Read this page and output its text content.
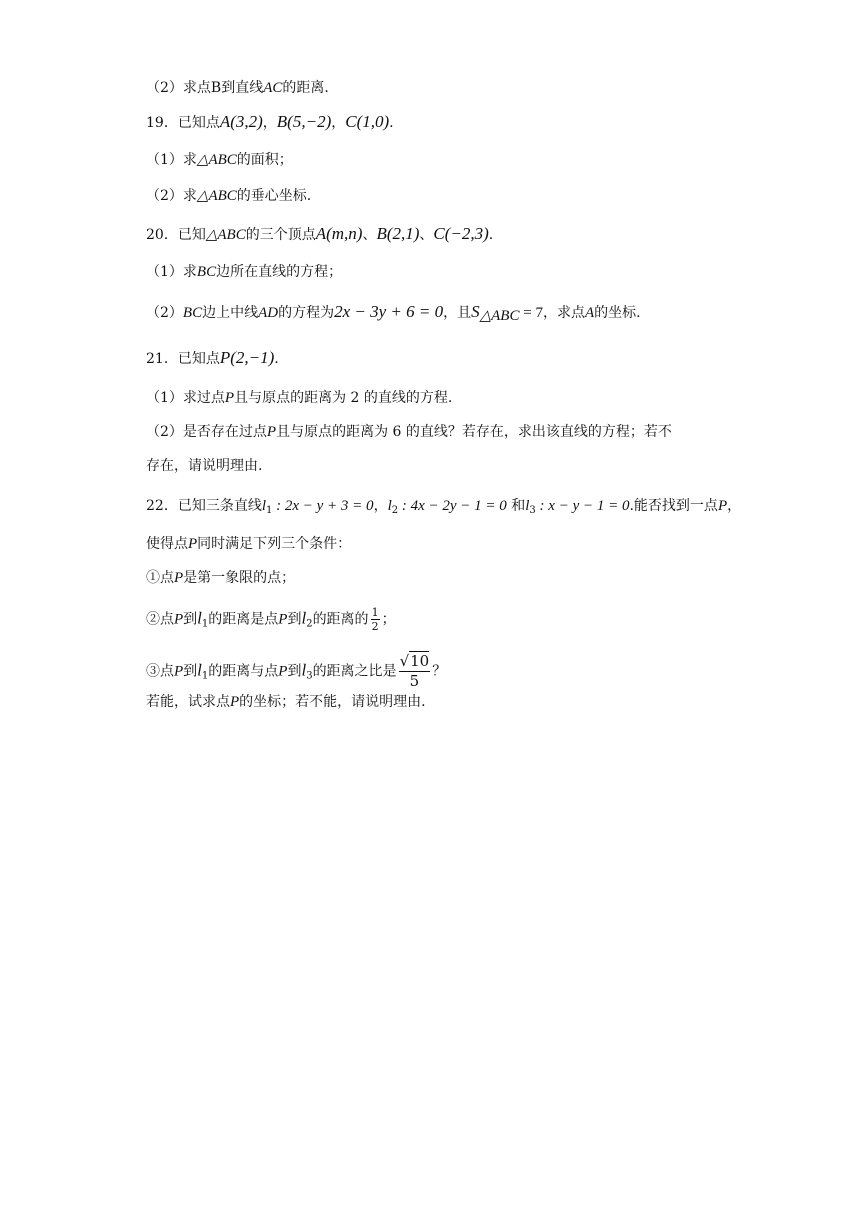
（2）求点B到直线AC的距离.
19．已知点A(3,2)，B(5,−2)，C(1,0).
（1）求△ABC的面积；
（2）求△ABC的垂心坐标.
20．已知△ABC的三个顶点A(m,n)、B(2,1)、C(−2,3).
（1）求BC边所在直线的方程；
（2）BC边上中线AD的方程为2x − 3y + 6 = 0，且$S_{\triangle ABC} = 7$，求点A的坐标.
21．已知点P(2,−1).
（1）求过点P且与原点的距离为 2 的直线的方程.
（2）是否存在过点P且与原点的距离为 6 的直线？若存在，求出该直线的方程；若不
存在，请说明理由.
22．已知三条直线$l_1$ : 2x − y + 3 = 0，$l_2$ : 4x − 2y − 1 = 0 和$l_3$ : x − y − 1 = 0.能否找到一点P，
使得点P同时满足下列三个条件：
①点P是第一象限的点；
②点P到$l_1$的距离是点P到$l_2$的距离的 $\frac{1}{2}$ ；
③点P到$l_1$的距离与点P到$l_3$的距离之比是 $\frac{√10}{5}$ ？
若能，试求点P的坐标；若不能，请说明理由.
